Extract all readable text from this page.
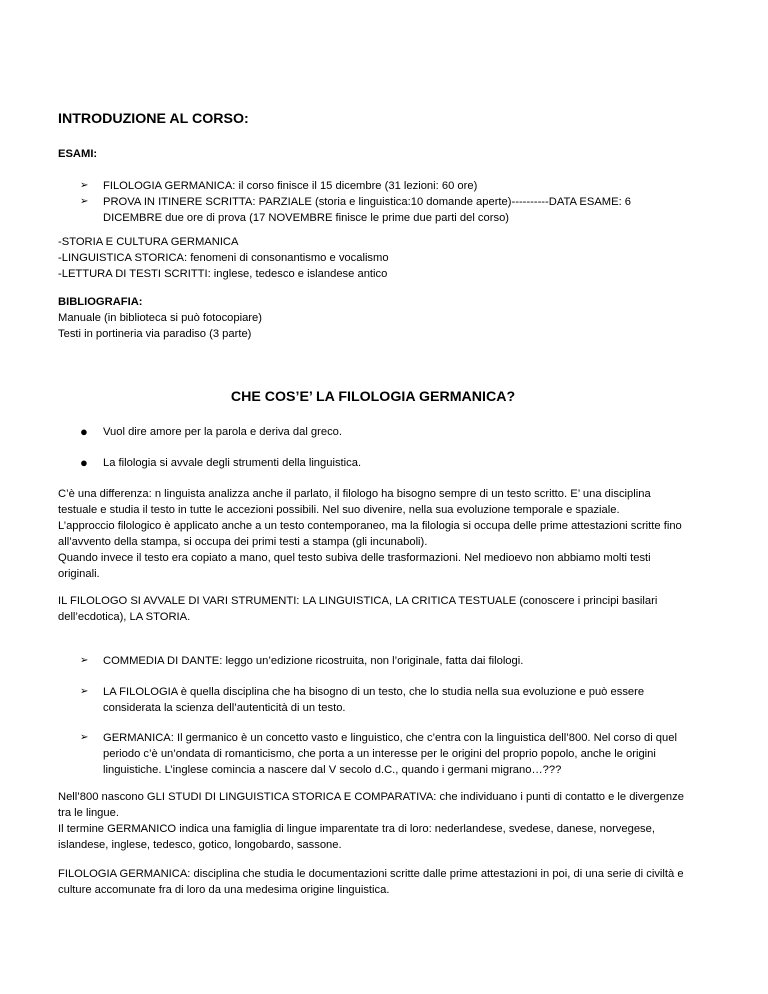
INTRODUZIONE AL CORSO:

ESAMI:

➢ FILOLOGIA GERMANICA: il corso finisce il 15 dicembre (31 lezioni: 60 ore)
➢ PROVA IN ITINERE SCRITTA: PARZIALE (storia e linguistica:10 domande aperte)----------DATA ESAME: 6 DICEMBRE due ore di prova (17 NOVEMBRE finisce le prime due parti del corso)

-STORIA E CULTURA GERMANICA

-LINGUISTICA STORICA: fenomeni di consonantismo e vocalismo

-LETTURA DI TESTI SCRITTI: inglese, tedesco e islandese antico

BIBLIOGRAFIA:

Manuale (in biblioteca si può fotocopiare)

Testi in portineria via paradiso (3 parte)

CHE COS’E’ LA FILOLOGIA GERMANICA?

● Vuol dire amore per la parola e deriva dal greco.
● La filologia si avvale degli strumenti della linguistica.

C’è una differenza: n linguista analizza anche il parlato, il filologo ha bisogno sempre di un testo scritto. E’ una disciplina testuale e studia il testo in tutte le accezioni possibili. Nel suo divenire, nella sua evoluzione temporale e spaziale.

L’approccio filologico è applicato anche a un testo contemporaneo, ma la filologia si occupa delle prime attestazioni scritte fino all’avvento della stampa, si occupa dei primi testi a stampa (gli incunaboli).

Quando invece il testo era copiato a mano, quel testo subiva delle trasformazioni. Nel medioevo non abbiamo molti testi originali.

IL FILOLOGO SI AVVALE DI VARI STRUMENTI: LA LINGUISTICA, LA CRITICA TESTUALE (conoscere i principi basilari dell’ecdotica), LA STORIA.

➢ COMMEDIA DI DANTE: leggo un’edizione ricostruita, non l’originale, fatta dai filologi.
➢ LA FILOLOGIA è quella disciplina che ha bisogno di un testo, che lo studia nella sua evoluzione e può essere considerata la scienza dell’autenticità di un testo.
➢ GERMANICA: Il germanico è un concetto vasto e linguistico, che c’entra con la linguistica dell’800. Nel corso di quel periodo c’è un’ondata di romanticismo, che porta a un interesse per le origini del proprio popolo, anche le origini linguistiche. L’inglese comincia a nascere dal V secolo d.C., quando i germani migrano…???

Nell’800 nascono GLI STUDI DI LINGUISTICA STORICA E COMPARATIVA: che individuano i punti di contatto e le divergenze tra le lingue.

Il termine GERMANICO indica una famiglia di lingue imparentate tra di loro: nederlandese, svedese, danese, norvegese, islandese, inglese, tedesco, gotico, longobardo, sassone.

FILOLOGIA GERMANICA: disciplina che studia le documentazioni scritte dalle prime attestazioni in poi, di una serie di civiltà e culture accomunate fra di loro da una medesima origine linguistica.
